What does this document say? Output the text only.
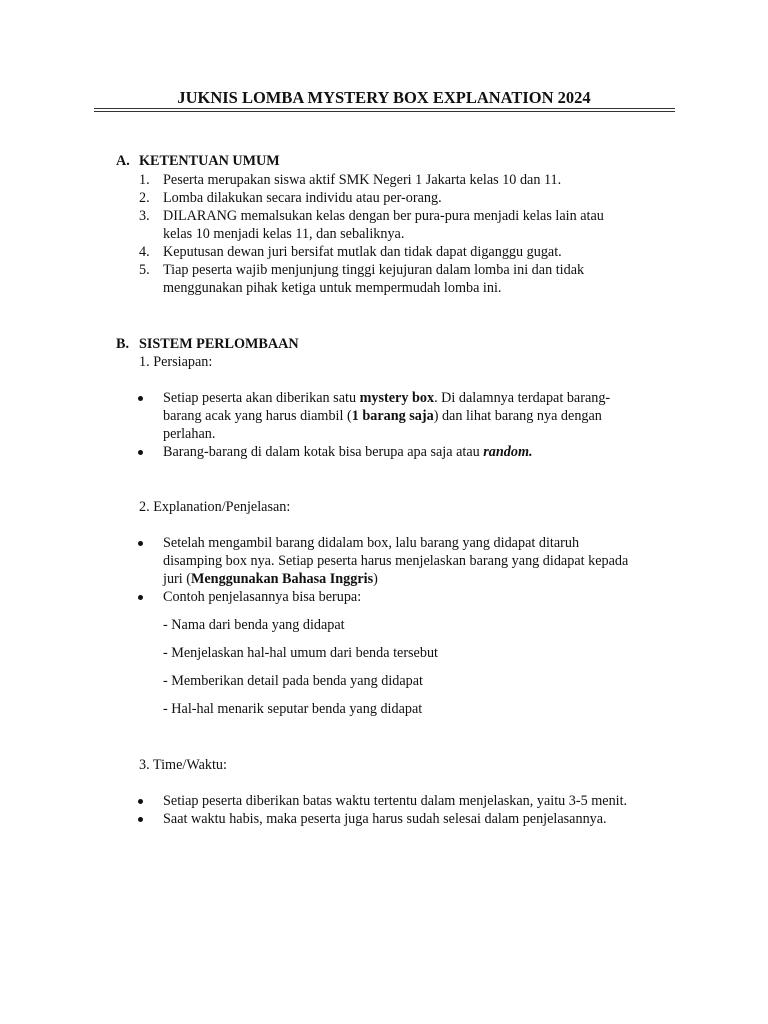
JUKNIS LOMBA MYSTERY BOX EXPLANATION 2024
A. KETENTUAN UMUM
1. Peserta merupakan siswa aktif SMK Negeri 1 Jakarta kelas 10 dan 11.
2. Lomba dilakukan secara individu atau per-orang.
3. DILARANG memalsukan kelas dengan ber pura-pura menjadi kelas lain atau
kelas 10 menjadi kelas 11, dan sebaliknya.
4. Keputusan dewan juri bersifat mutlak dan tidak dapat diganggu gugat.
5. Tiap peserta wajib menjunjung tinggi kejujuran dalam lomba ini dan tidak
menggunakan pihak ketiga untuk mempermudah lomba ini.
B. SISTEM PERLOMBAAN
1. Persiapan:
Setiap peserta akan diberikan satu mystery box. Di dalamnya terdapat barang-
barang acak yang harus diambil (1 barang saja) dan lihat barang nya dengan
perlahan.
Barang-barang di dalam kotak bisa berupa apa saja atau random.
2. Explanation/Penjelasan:
Setelah mengambil barang didalam box, lalu barang yang didapat ditaruh
disamping box nya. Setiap peserta harus menjelaskan barang yang didapat kepada
juri (Menggunakan Bahasa Inggris)
Contoh penjelasannya bisa berupa:
- Nama dari benda yang didapat
- Menjelaskan hal-hal umum dari benda tersebut
- Memberikan detail pada benda yang didapat
- Hal-hal menarik seputar benda yang didapat
3. Time/Waktu:
Setiap peserta diberikan batas waktu tertentu dalam menjelaskan, yaitu 3-5 menit.
Saat waktu habis, maka peserta juga harus sudah selesai dalam penjelasannya.
